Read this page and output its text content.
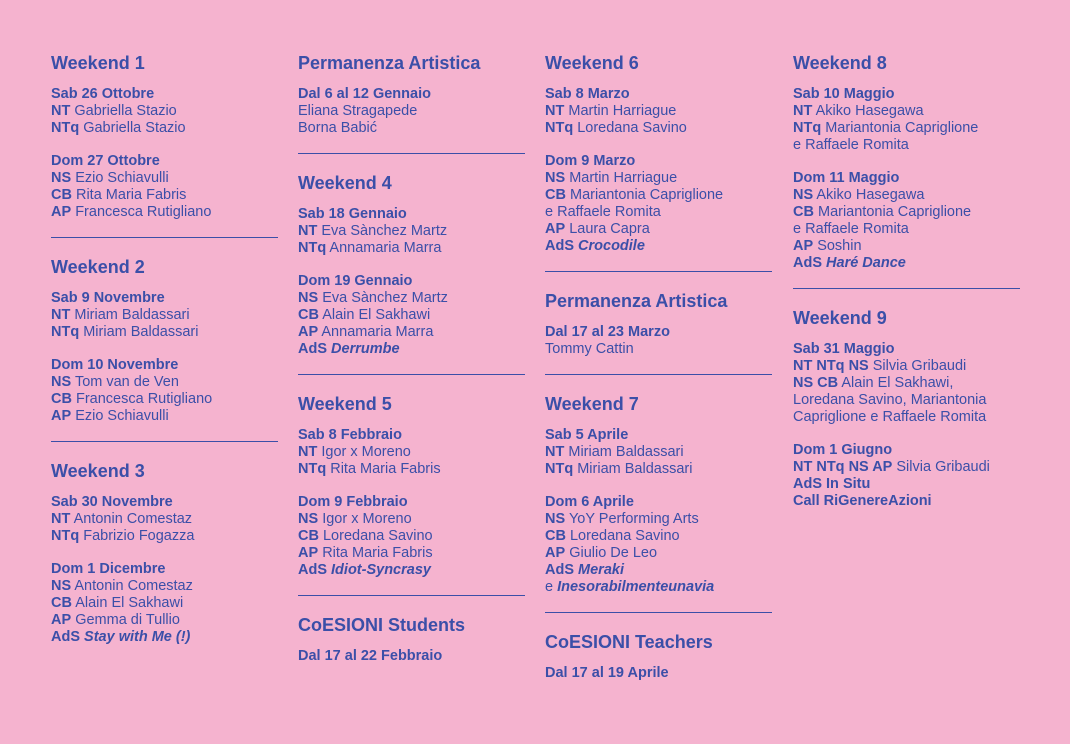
Weekend 1
Sab 26 Ottobre
NT Gabriella Stazio
NTq Gabriella Stazio
Dom 27 Ottobre
NS Ezio Schiavulli
CB Rita Maria Fabris
AP Francesca Rutigliano
Weekend 2
Sab 9 Novembre
NT Miriam Baldassari
NTq Miriam Baldassari
Dom 10 Novembre
NS Tom van de Ven
CB Francesca Rutigliano
AP Ezio Schiavulli
Weekend 3
Sab 30 Novembre
NT Antonin Comestaz
NTq Fabrizio Fogazza
Dom 1 Dicembre
NS Antonin Comestaz
CB Alain El Sakhawi
AP Gemma di Tullio
AdS Stay with Me (!)
Permanenza Artistica
Dal 6 al 12 Gennaio
Eliana Stragapede
Borna Babić
Weekend 4
Sab 18 Gennaio
NT Eva Sànchez Martz
NTq Annamaria Marra
Dom 19 Gennaio
NS Eva Sànchez Martz
CB Alain El Sakhawi
AP Annamaria Marra
AdS Derrumbe
Weekend 5
Sab 8 Febbraio
NT Igor x Moreno
NTq Rita Maria Fabris
Dom 9 Febbraio
NS Igor x Moreno
CB Loredana Savino
AP Rita Maria Fabris
AdS Idiot-Syncrasy
CoESIONI Students
Dal 17 al 22 Febbraio
Weekend 6
Sab 8 Marzo
NT Martin Harriague
NTq Loredana Savino
Dom 9 Marzo
NS Martin Harriague
CB Mariantonia Capriglione
e Raffaele Romita
AP Laura Capra
AdS Crocodile
Permanenza Artistica
Dal 17 al 23 Marzo
Tommy Cattin
Weekend 7
Sab 5 Aprile
NT Miriam Baldassari
NTq Miriam Baldassari
Dom 6 Aprile
NS YoY Performing Arts
CB Loredana Savino
AP Giulio De Leo
AdS Meraki
e Inesorabilmenteunavia
CoESIONI Teachers
Dal 17 al 19 Aprile
Weekend 8
Sab 10 Maggio
NT Akiko Hasegawa
NTq Mariantonia Capriglione
e Raffaele Romita
Dom 11 Maggio
NS Akiko Hasegawa
CB Mariantonia Capriglione
e Raffaele Romita
AP Soshin
AdS Haré Dance
Weekend 9
Sab 31 Maggio
NT NTq NS Silvia Gribaudi
NS CB Alain El Sakhawi,
Loredana Savino, Mariantonia
Capriglione e Raffaele Romita
Dom 1 Giugno
NT NTq NS AP Silvia Gribaudi
AdS In Situ
Call RiGenereAzioni
